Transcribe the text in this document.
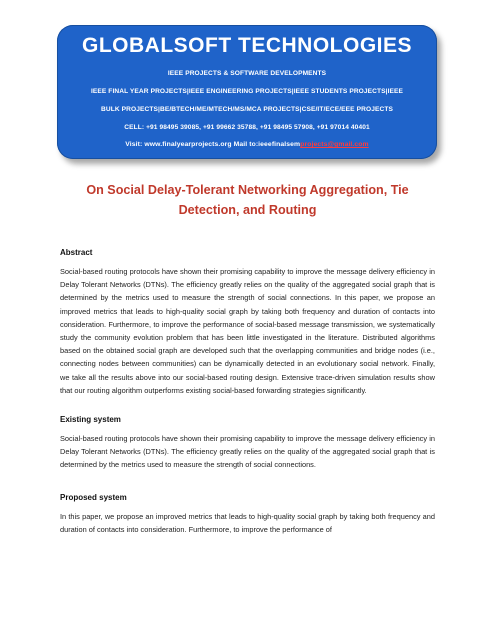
GLOBALSOFT TECHNOLOGIES
IEEE PROJECTS & SOFTWARE DEVELOPMENTS
IEEE FINAL YEAR PROJECTS|IEEE ENGINEERING PROJECTS|IEEE STUDENTS PROJECTS|IEEE
BULK PROJECTS|BE/BTECH/ME/MTECH/MS/MCA PROJECTS|CSE/IT/ECE/EEE PROJECTS
CELL: +91 98495 39085, +91 99662 35788, +91 98495 57908, +91 97014 40401
Visit: www.finalyearprojects.org Mail to:ieeefinalsemprojects@gmail.com
On Social Delay-Tolerant Networking Aggregation, Tie
Detection, and Routing
Abstract
Social-based routing protocols have shown their promising capability to improve the message delivery efficiency in Delay Tolerant Networks (DTNs). The efficiency greatly relies on the quality of the aggregated social graph that is determined by the metrics used to measure the strength of social connections. In this paper, we propose an improved metrics that leads to high-quality social graph by taking both frequency and duration of contacts into consideration. Furthermore, to improve the performance of social-based message transmission, we systematically study the community evolution problem that has been little investigated in the literature. Distributed algorithms based on the obtained social graph are developed such that the overlapping communities and bridge nodes (i.e., connecting nodes between communities) can be dynamically detected in an evolutionary social network. Finally, we take all the results above into our social-based routing design. Extensive trace-driven simulation results show that our routing algorithm outperforms existing social-based forwarding strategies significantly.
Existing system
Social-based routing protocols have shown their promising capability to improve the message delivery efficiency in Delay Tolerant Networks (DTNs). The efficiency greatly relies on the quality of the aggregated social graph that is determined by the metrics used to measure the strength of social connections.
Proposed system
In this paper, we propose an improved metrics that leads to high-quality social graph by taking both frequency and duration of contacts into consideration. Furthermore, to improve the performance of
